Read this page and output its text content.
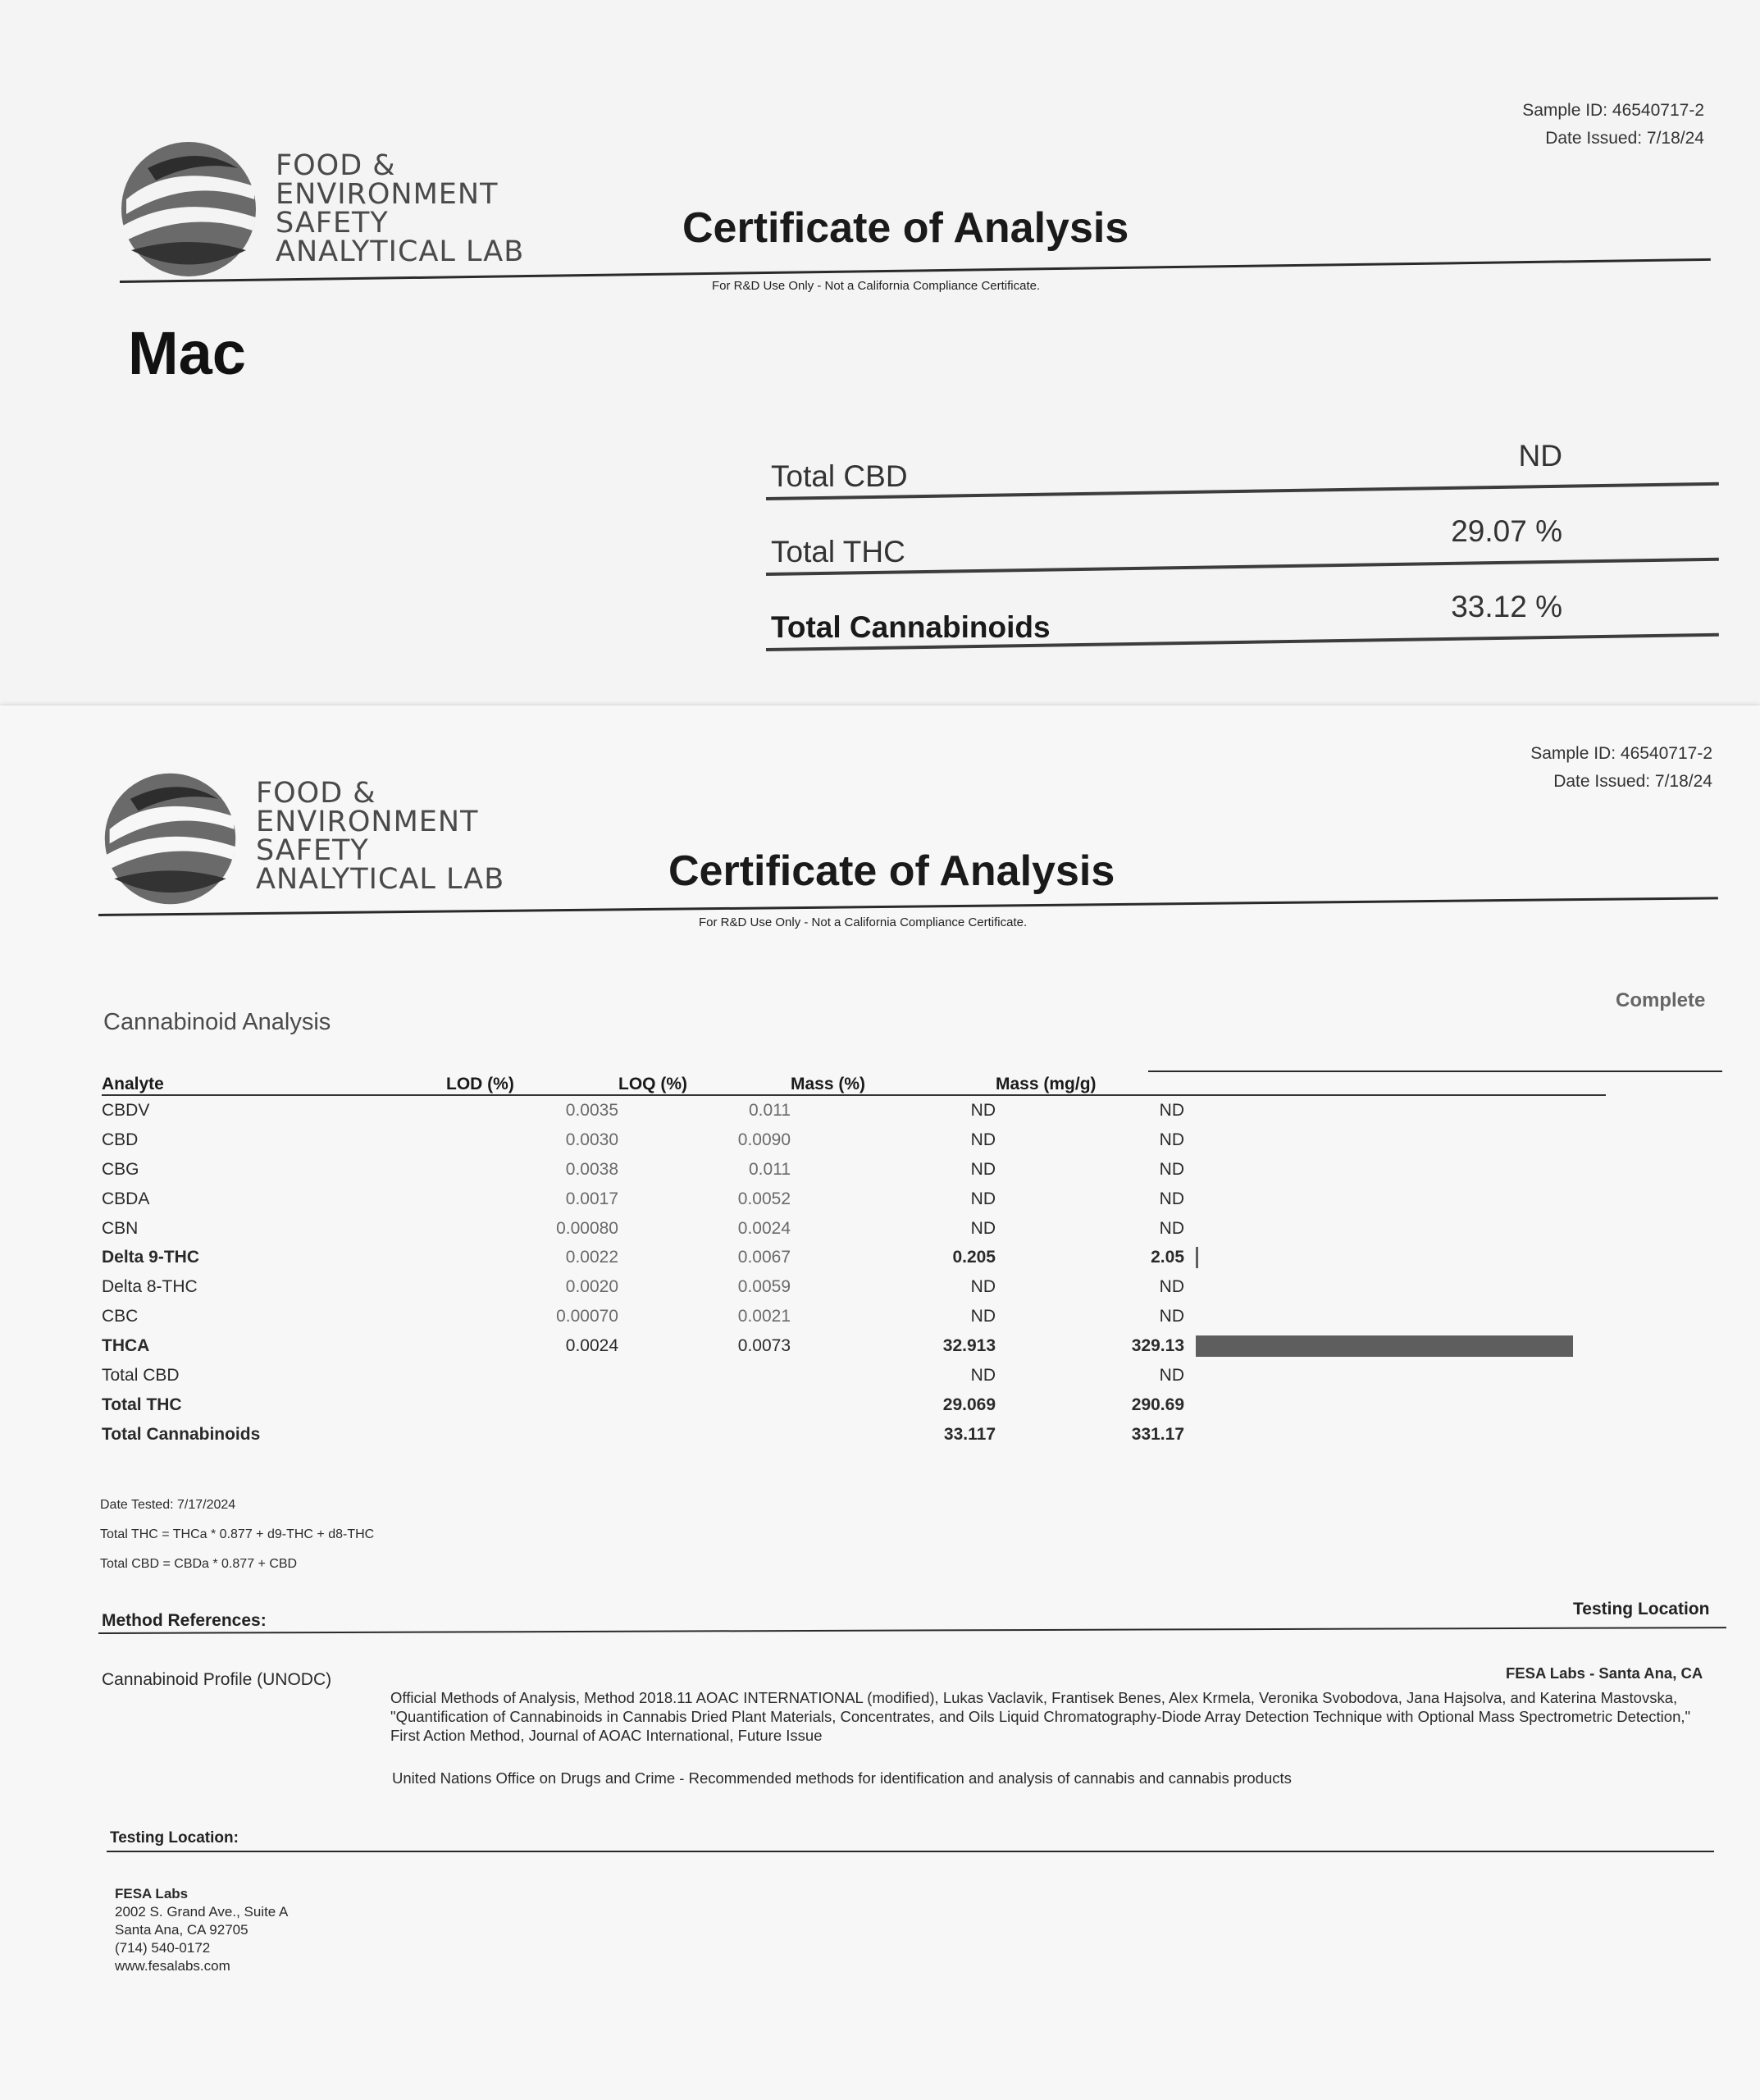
FOOD &
ENVIRONMENT
SAFETY
ANALYTICAL LAB
Sample ID: 46540717-2
Date Issued: 7/18/24
Certificate of Analysis
For R&D Use Only - Not a California Compliance Certificate.
Mac
Total CBD
ND
Total THC
29.07 %
Total Cannabinoids
33.12 %
FOOD &
ENVIRONMENT
SAFETY
ANALYTICAL LAB
Sample ID: 46540717-2
Date Issued: 7/18/24
Certificate of Analysis
For R&D Use Only - Not a California Compliance Certificate.
Cannabinoid Analysis
Complete
Analyte	LOD (%)	LOQ (%)	Mass (%)	Mass (mg/g)	
CBDV	0.0035	0.011	ND	ND	
CBD	0.0030	0.0090	ND	ND	
CBG	0.0038	0.011	ND	ND	
CBDA	0.0017	0.0052	ND	ND	
CBN	0.00080	0.0024	ND	ND	
Delta 9-THC	0.0022	0.0067	0.205	2.05	
Delta 8-THC	0.0020	0.0059	ND	ND	
CBC	0.00070	0.0021	ND	ND	
THCA	0.0024	0.0073	32.913	329.13	
Total CBD			ND	ND	
Total THC			29.069	290.69	
Total Cannabinoids			33.117	331.17	
Date Tested: 7/17/2024
Total THC = THCa * 0.877 + d9-THC + d8-THC
Total CBD = CBDa * 0.877 + CBD
Method References:
Testing Location
Cannabinoid Profile (UNODC)	FESA Labs - Santa Ana, CA
Official Methods of Analysis, Method 2018.11 AOAC INTERNATIONAL (modified), Lukas Vaclavik, Frantisek Benes, Alex Krmela, Veronika Svobodova, Jana Hajsolva, and Katerina Mastovska, "Quantification of Cannabinoids in Cannabis Dried Plant Materials, Concentrates, and Oils Liquid Chromatography-Diode Array Detection Technique with Optional Mass Spectrometric Detection," First Action Method, Journal of AOAC International, Future Issue
United Nations Office on Drugs and Crime - Recommended methods for identification and analysis of cannabis and cannabis products
Testing Location:
FESA Labs
2002 S. Grand Ave., Suite A
Santa Ana, CA 92705
(714) 540-0172
www.fesalabs.com
